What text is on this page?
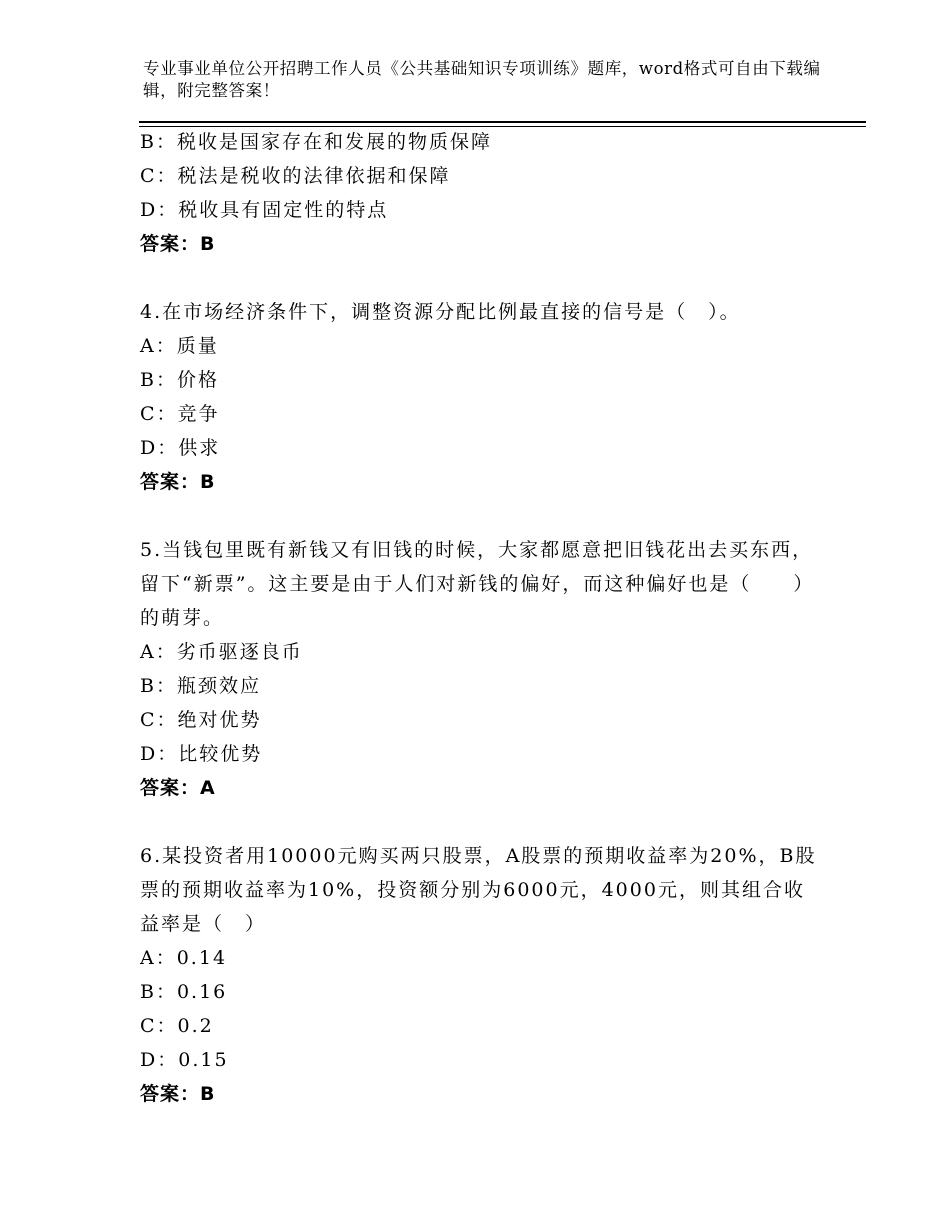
专业事业单位公开招聘工作人员《公共基础知识专项训练》题库，word格式可自由下载编辑，附完整答案！
B：税收是国家存在和发展的物质保障
C：税法是税收的法律依据和保障
D：税收具有固定性的特点
答案：B
4.在市场经济条件下，调整资源分配比例最直接的信号是（　）。
A：质量
B：价格
C：竞争
D：供求
答案：B
5.当钱包里既有新钱又有旧钱的时候，大家都愿意把旧钱花出去买东西，留下“新票”。这主要是由于人们对新钱的偏好，而这种偏好也是（　　）的萌芽。
A：劣币驱逐良币
B：瓶颈效应
C：绝对优势
D：比较优势
答案：A
6.某投资者用10000元购买两只股票，A股票的预期收益率为20%，B股票的预期收益率为10%，投资额分别为6000元，4000元，则其组合收益率是（　）
A：0.14
B：0.16
C：0.2
D：0.15
答案：B
